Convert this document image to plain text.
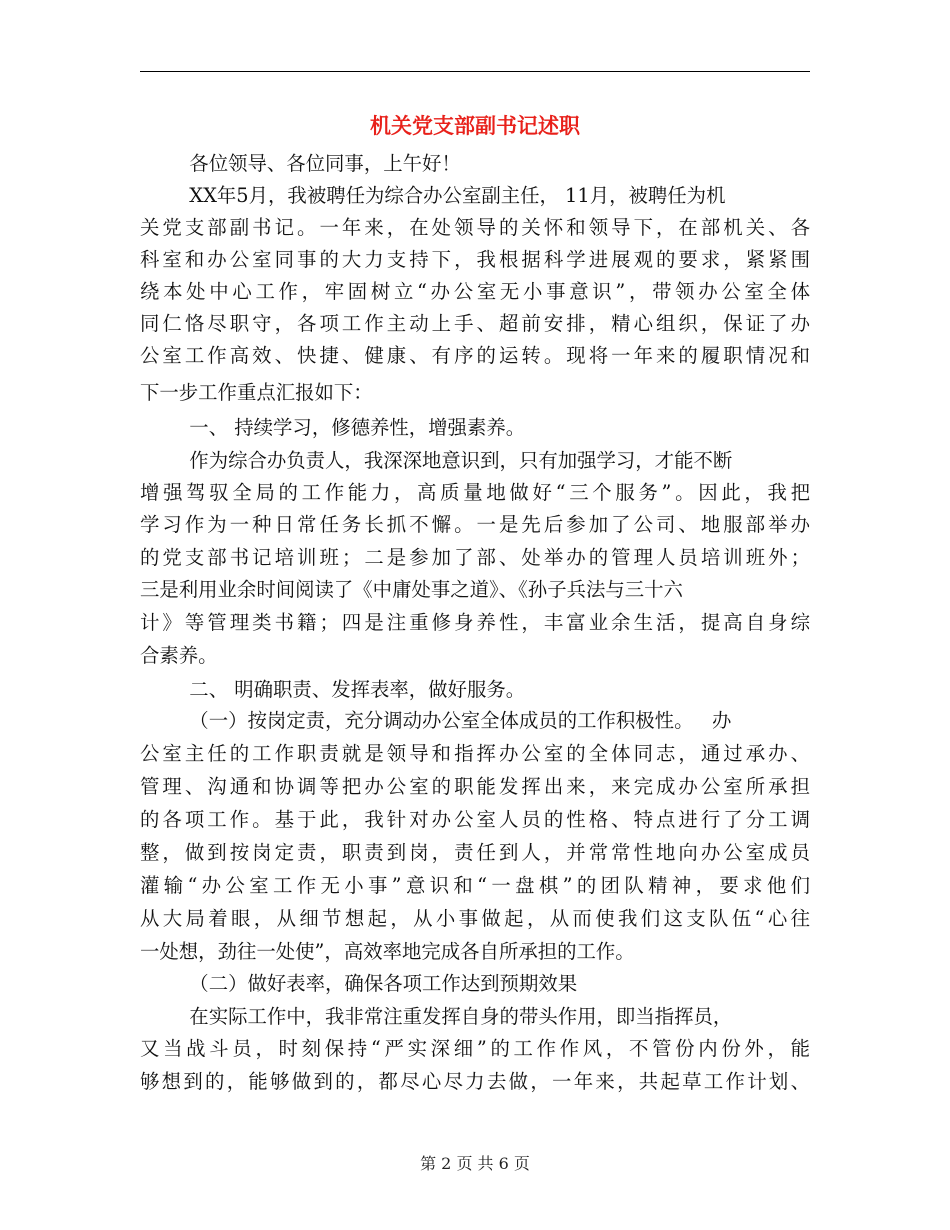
机关党支部副书记述职
各位领导、各位同事，上午好！
XX年5月，我被聘任为综合办公室副主任， 11月，被聘任为机
关党支部副书记。一年来，在处领导的关怀和领导下，在部机关、各
科室和办公室同事的大力支持下，我根据科学进展观的要求，紧紧围
绕本处中心工作，牢固树立“办公室无小事意识”，带领办公室全体
同仁恪尽职守，各项工作主动上手、超前安排，精心组织，保证了办
公室工作高效、快捷、健康、有序的运转。现将一年来的履职情况和
下一步工作重点汇报如下：
一、 持续学习，修德养性，增强素养。
作为综合办负责人，我深深地意识到，只有加强学习，才能不断
增强驾驭全局的工作能力，高质量地做好“三个服务”。因此，我把
学习作为一种日常任务长抓不懈。一是先后参加了公司、地服部举办
的党支部书记培训班；二是参加了部、处举办的管理人员培训班外；
三是利用业余时间阅读了《中庸处事之道》、《孙子兵法与三十六
计》等管理类书籍；四是注重修身养性，丰富业余生活，提高自身综
合素养。
二、 明确职责、发挥表率，做好服务。
（一）按岗定责，充分调动办公室全体成员的工作积极性。   办
公室主任的工作职责就是领导和指挥办公室的全体同志，通过承办、
管理、沟通和协调等把办公室的职能发挥出来，来完成办公室所承担
的各项工作。基于此，我针对办公室人员的性格、特点进行了分工调
整，做到按岗定责，职责到岗，责任到人，并常常性地向办公室成员
灌输“办公室工作无小事”意识和“一盘棋”的团队精神，要求他们
从大局着眼，从细节想起，从小事做起，从而使我们这支队伍“心往
一处想，劲往一处使”，高效率地完成各自所承担的工作。
（二）做好表率，确保各项工作达到预期效果
在实际工作中，我非常注重发挥自身的带头作用，即当指挥员，
又当战斗员，时刻保持“严实深细”的工作作风，不管份内份外，能
够想到的，能够做到的，都尽心尽力去做，一年来，共起草工作计划、
第 2 页 共 6 页
